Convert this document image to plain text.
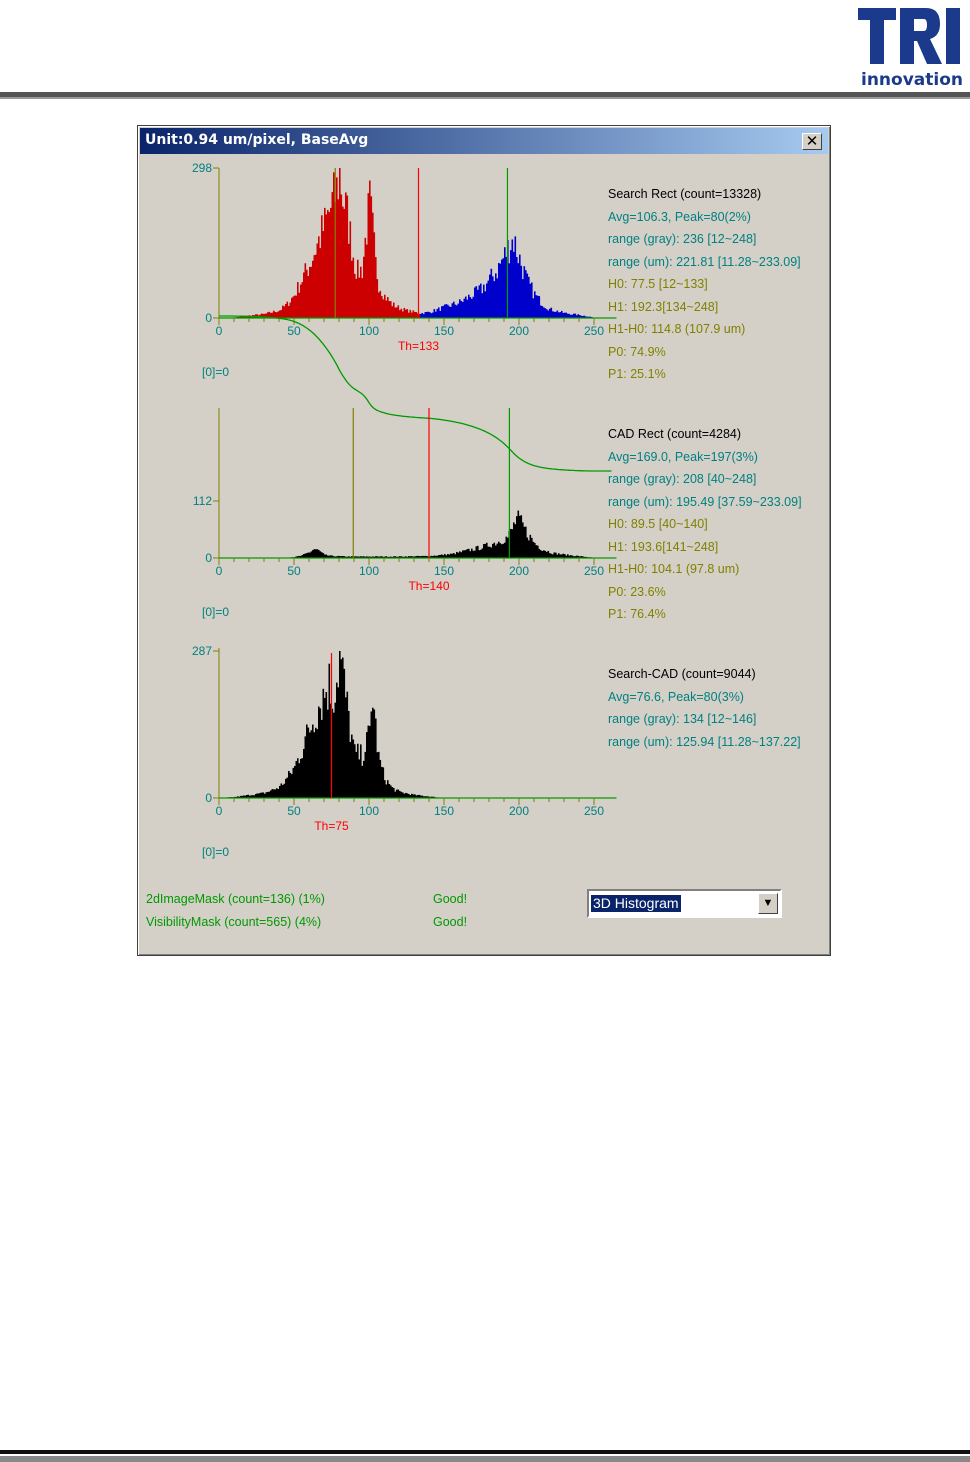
innovation
Unit:0.94 um/pixel, BaseAvg	✕
298
0
0	50	100	150	200	250
Th=133
[0]=0
112
0
0	50	100	150	200	250
Th=140
[0]=0
287
0
0	50	100	150	200	250
Th=75
[0]=0
Search Rect (count=13328)
Avg=106.3, Peak=80(2%)
range (gray): 236 [12~248]
range (um): 221.81 [11.28~233.09]
H0: 77.5 [12~133]
H1: 192.3[134~248]
H1-H0: 114.8 (107.9 um)
P0: 74.9%
P1: 25.1%
CAD Rect (count=4284)
Avg=169.0, Peak=197(3%)
range (gray): 208 [40~248]
range (um): 195.49 [37.59~233.09]
H0: 89.5 [40~140]
H1: 193.6[141~248]
H1-H0: 104.1 (97.8 um)
P0: 23.6%
P1: 76.4%
Search-CAD (count=9044)
Avg=76.6, Peak=80(3%)
range (gray): 134 [12~146]
range (um): 125.94 [11.28~137.22]
2dImageMask (count=136) (1%)	Good!
VisibilityMask (count=565) (4%)	Good!
3D Histogram	▼
